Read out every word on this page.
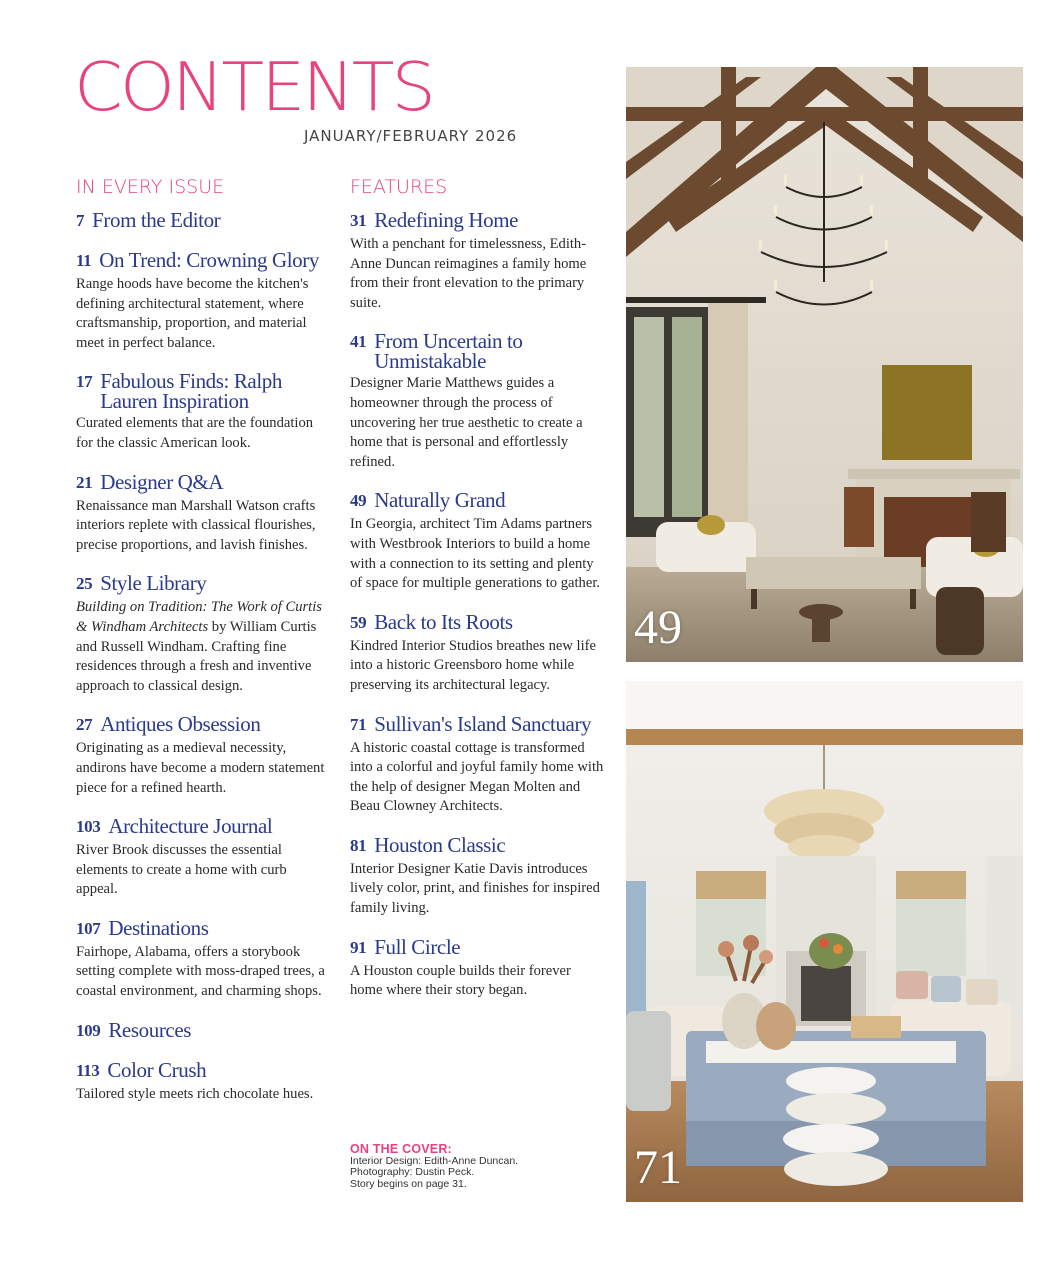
CONTENTS
JANUARY/FEBRUARY 2026
IN EVERY ISSUE
7 From the Editor
11 On Trend: Crowning Glory
Range hoods have become the kitchen's defining architectural statement, where craftsmanship, proportion, and material meet in perfect balance.
17 Fabulous Finds: Ralph Lauren Inspiration
Curated elements that are the foundation for the classic American look.
21 Designer Q&A
Renaissance man Marshall Watson crafts interiors replete with classical flourishes, precise proportions, and lavish finishes.
25 Style Library
Building on Tradition: The Work of Curtis & Windham Architects by William Curtis and Russell Windham. Crafting fine residences through a fresh and inventive approach to classical design.
27 Antiques Obsession
Originating as a medieval necessity, andirons have become a modern statement piece for a refined hearth.
103 Architecture Journal
River Brook discusses the essential elements to create a home with curb appeal.
107 Destinations
Fairhope, Alabama, offers a storybook setting complete with moss-draped trees, a coastal environment, and charming shops.
109 Resources
113 Color Crush
Tailored style meets rich chocolate hues.
FEATURES
31 Redefining Home
With a penchant for timelessness, Edith-Anne Duncan reimagines a family home from their front elevation to the primary suite.
41 From Uncertain to Unmistakable
Designer Marie Matthews guides a homeowner through the process of uncovering her true aesthetic to create a home that is personal and effortlessly refined.
49 Naturally Grand
In Georgia, architect Tim Adams partners with Westbrook Interiors to build a home with a connection to its setting and plenty of space for multiple generations to gather.
59 Back to Its Roots
Kindred Interior Studios breathes new life into a historic Greensboro home while preserving its architectural legacy.
71 Sullivan's Island Sanctuary
A historic coastal cottage is transformed into a colorful and joyful family home with the help of designer Megan Molten and Beau Clowney Architects.
81 Houston Classic
Interior Designer Katie Davis introduces lively color, print, and finishes for inspired family living.
91 Full Circle
A Houston couple builds their forever home where their story began.
ON THE COVER:
Interior Design: Edith-Anne Duncan.
Photography: Dustin Peck.
Story begins on page 31.
49
71
